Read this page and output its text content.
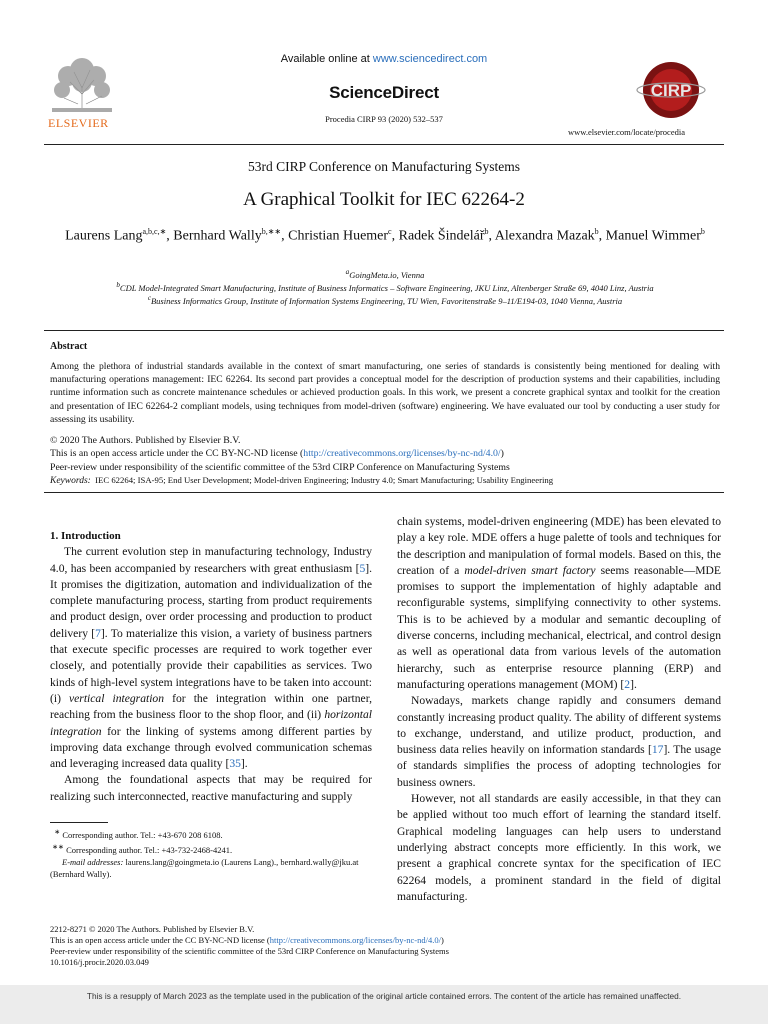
ELSEVIER
Available online at www.sciencedirect.com
ScienceDirect
Procedia CIRP 93 (2020) 532–537
CIRP
www.elsevier.com/locate/procedia
53rd CIRP Conference on Manufacturing Systems
A Graphical Toolkit for IEC 62264-2
Laurens Lang$^{a,b,c,∗}$, Bernhard Wally$^{b,∗∗}$, Christian Huemer$^c$, Radek Šindelář$^b$, Alexandra Mazak$^b$, Manuel Wimmer$^b$
$^a$GoingMeta.io, Vienna
$^b$CDL Model-Integrated Smart Manufacturing, Institute of Business Informatics – Software Engineering, JKU Linz, Altenberger Straße 69, 4040 Linz, Austria
$^c$Business Informatics Group, Institute of Information Systems Engineering, TU Wien, Favoritenstraße 9–11/E194-03, 1040 Vienna, Austria
Abstract
Among the plethora of industrial standards available in the context of smart manufacturing, one series of standards is consistently being mentioned for dealing with manufacturing operations management: IEC 62264. Its second part provides a conceptual model for the description of production systems and their capabilities, including runtime information such as concrete maintenance schedules or achieved production goals. In this work, we present a concrete graphical syntax and toolkit for the creation and presentation of IEC 62264-2 compliant models, using techniques from model-driven (software) engineering. We have evaluated our tool by conducting a user study for assessing its usability.
© 2020 The Authors. Published by Elsevier B.V.
This is an open access article under the CC BY-NC-ND license (http://creativecommons.org/licenses/by-nc-nd/4.0/)
Peer-review under responsibility of the scientific committee of the 53rd CIRP Conference on Manufacturing Systems
Keywords: IEC 62264; ISA-95; End User Development; Model-driven Engineering; Industry 4.0; Smart Manufacturing; Usability Engineering

1. Introduction

The current evolution step in manufacturing technology, Industry 4.0, has been accompanied by researchers with great enthusiasm [5]. It promises the digitization, automation and individualization of the complete manufacturing process, starting from product requirements and product design, over order processing and production to product delivery [7]. To materialize this vision, a variety of business partners that execute specific processes are required to work together ever closely, and potentially provide their capabilities as services. Two kinds of high-level system integrations have to be taken into account: (i) vertical integration for the integration within one partner, reaching from the business floor to the shop floor, and (ii) horizontal integration for the linking of systems among different parties by improving data exchange through evolved communication schemas and leveraging increased data quality [35].

Among the foundational aspects that may be required for realizing such interconnected, reactive manufacturing and supply

∗ Corresponding author. Tel.: +43-670 208 6108.
∗∗ Corresponding author. Tel.: +43-732-2468-4241.
E-mail addresses: laurens.lang@goingmeta.io (Laurens Lang)., bernhard.wally@jku.at (Bernhard Wally).

chain systems, model-driven engineering (MDE) has been elevated to play a key role. MDE offers a huge palette of tools and techniques for the description and manipulation of formal models. Based on this, the creation of a model-driven smart factory seems reasonable—MDE promises to support the implementation of highly adaptable and reconfigurable systems, simplifying connectivity to other systems. This is to be achieved by a modular and semantic decoupling of diverse concerns, including mechanical, electrical, and control design as well as operational data from various levels of the automation hierarchy, such as enterprise resource planning (ERP) and manufacturing operations management (MOM) [2].

Nowadays, markets change rapidly and consumers demand constantly increasing product quality. The ability of different systems to exchange, understand, and utilize product, production, and business data relies heavily on information standards [17]. The usage of standards simplifies the process of adopting technologies for business owners.

However, not all standards are easily accessible, in that they can be applied without too much effort of learning the standard itself. Graphical modeling languages can help users to understand underlying abstract concepts more efficiently. In this work, we present a graphical concrete syntax for the specification of IEC 62264 models, a prominent standard in the field of digital manufacturing.

2212-8271 © 2020 The Authors. Published by Elsevier B.V.
This is an open access article under the CC BY-NC-ND license (http://creativecommons.org/licenses/by-nc-nd/4.0/)
Peer-review under responsibility of the scientific committee of the 53rd CIRP Conference on Manufacturing Systems
10.1016/j.procir.2020.03.049
This is a resupply of March 2023 as the template used in the publication of the original article contained errors. The content of the article has remained unaffected.
